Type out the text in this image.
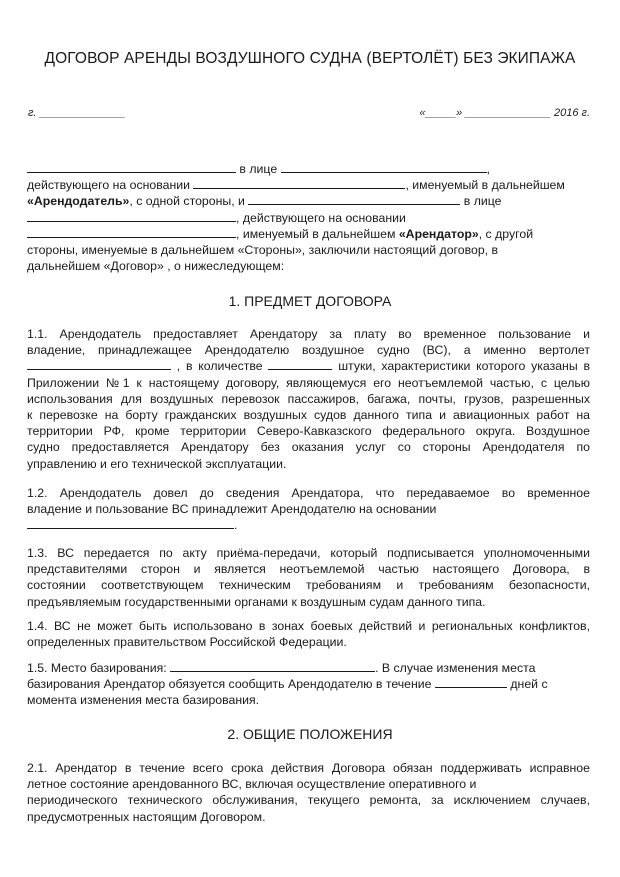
ДОГОВОР АРЕНДЫ ВОЗДУШНОГО СУДНА (ВЕРТОЛЁТ) БЕЗ ЭКИПАЖА
г. ______________	«_____» ______________ 2016 г.

в лице	,

действующего на основании	, именуемый в дальнейшем

«Арендодатель», с одной стороны, и	в лице

, действующего на основании

, именуемый в дальнейшем «Арендатор», с другой

стороны, именуемые в дальнейшем «Стороны», заключили настоящий договор, в

дальнейшем «Договор» , о нижеследующем:

1. ПРЕДМЕТ ДОГОВОРА

1.1. Арендодатель предоставляет Арендатору за плату во временное пользование и

владение, принадлежащее Арендодателю воздушное судно (ВС), а именно вертолет

, в количестве	штуки, характеристики которого указаны в

Приложении №1 к настоящему договору, являющемуся его неотъемлемой частью, с целью

использования для воздушных перевозок пассажиров, багажа, почты, грузов, разрешенных

к перевозке на борту гражданских воздушных судов данного типа и авиационных работ на

территории РФ, кроме территории Северо-Кавказского федерального округа. Воздушное

судно предоставляется Арендатору без оказания услуг со стороны Арендодателя по

управлению и его технической эксплуатации.

1.2. Арендодатель довел до сведения Арендатора, что передаваемое во временное

владение и пользование ВС принадлежит Арендодателю на основании

.

1.3. ВС передается по акту приёма-передачи, который подписывается уполномоченными

представителями сторон и является неотъемлемой частью настоящего Договора, в

состоянии соответствующем техническим требованиям и требованиям безопасности,

предъявляемым государственными органами к воздушным судам данного типа.

1.4. ВС не может быть использовано в зонах боевых действий и региональных конфликтов,

определенных правительством Российской Федерации.

1.5. Место базирования:	. В случае изменения места

базирования Арендатор обязуется сообщить Арендодателю в течение	дней с

момента изменения места базирования.

2. ОБЩИЕ ПОЛОЖЕНИЯ

2.1. Арендатор в течение всего срока действия Договора обязан поддерживать исправное

летное состояние арендованного ВС, включая осуществление оперативного и

периодического технического обслуживания, текущего ремонта, за исключением случаев,

предусмотренных настоящим Договором.
